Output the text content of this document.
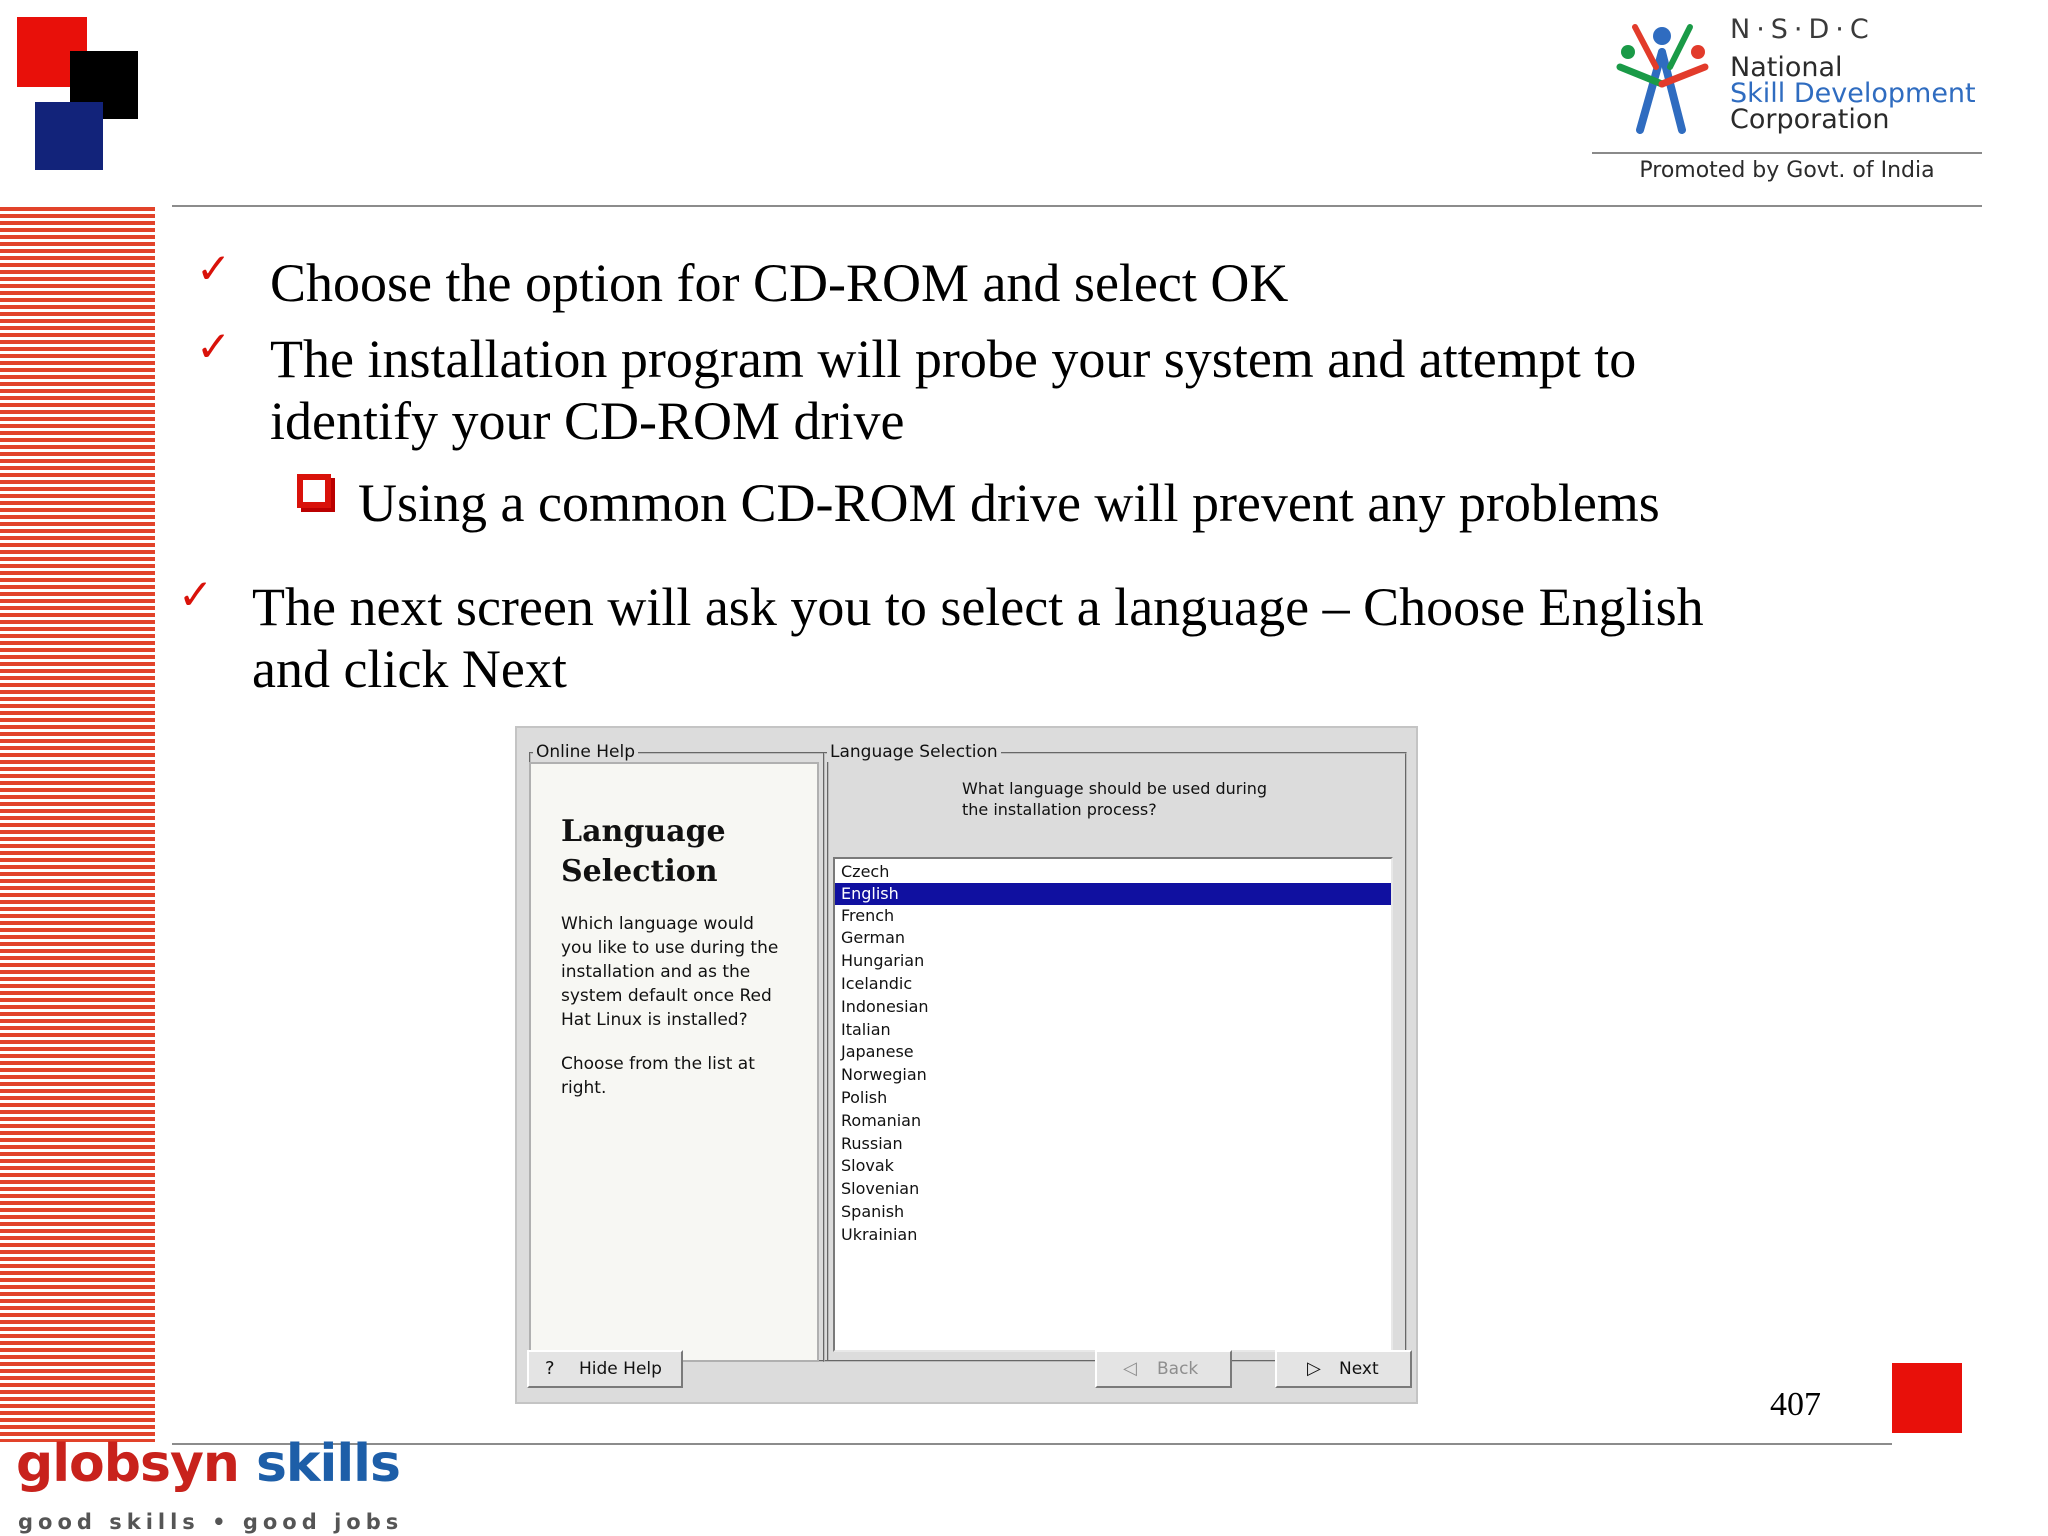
N·S·D·C
National
Skill Development
Corporation
Promoted by Govt. of India
✓ Choose the option for CD-ROM and select OK
✓ The installation program will probe your system and attempt to
identify your CD-ROM drive
Using a common CD-ROM drive will prevent any problems
✓ The next screen will ask you to select a language – Choose English
and click Next
Online Help
Language
Selection
Which language would
you like to use during the
installation and as the
system default once Red
Hat Linux is installed?
Choose from the list at
right.
Language Selection
What language should be used during
the installation process?
Czech
English
French
German
Hungarian
Icelandic
Indonesian
Italian
Japanese
Norwegian
Polish
Romanian
Russian
Slovak
Slovenian
Spanish
Ukrainian
? Hide Help	◁ Back	▷ Next
407
globsyn skills
good skills • good jobs
